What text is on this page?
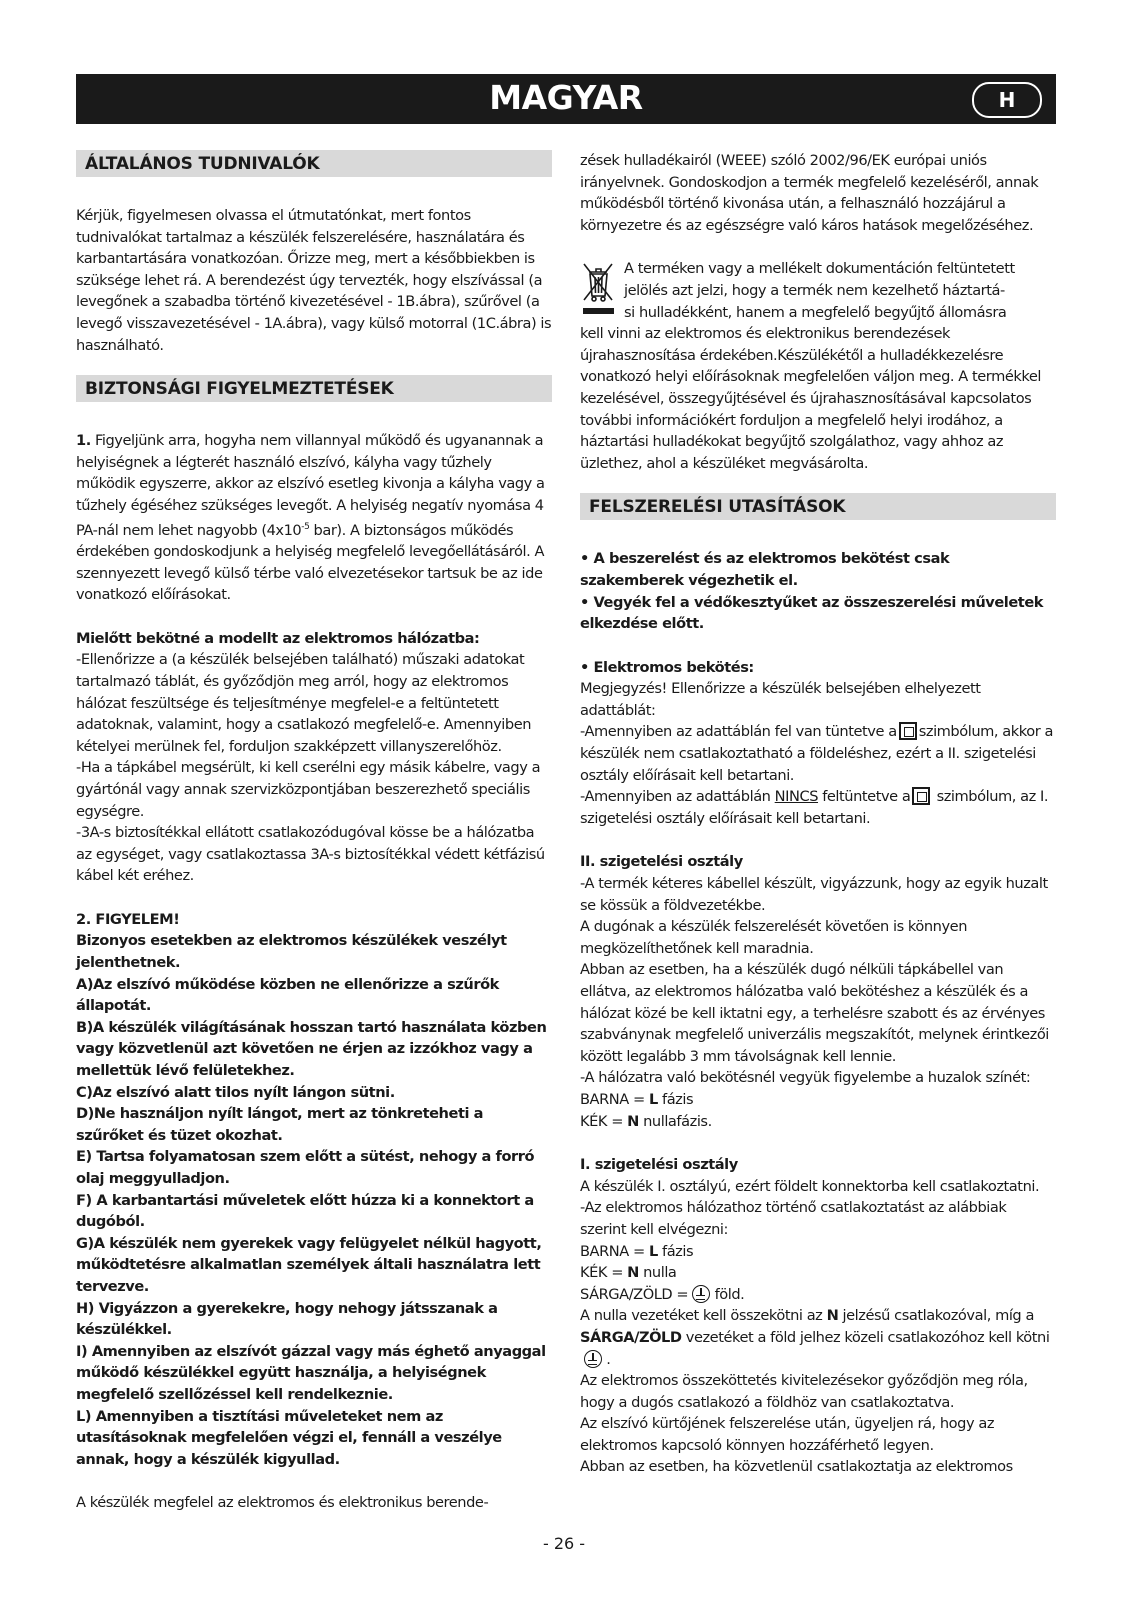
MAGYAR	H
ÁLTALÁNOS TUDNIVALÓK

Kérjük, figyelmesen olvassa el útmutatónkat, mert fontos tudnivalókat tartalmaz a készülék felszerelésére, használatára és karbantartására vonatkozóan. Őrizze meg, mert a későbbiekben is szüksége lehet rá. A berendezést úgy tervezték, hogy elszívással (a levegőnek a szabadba történő kivezetésével - 1B.ábra), szűrővel (a levegő visszavezetésével - 1A.ábra), vagy külső motorral (1C.ábra) is használható.

BIZTONSÁGI FIGYELMEZTETÉSEK

1. Figyeljünk arra, hogyha nem villannyal működő és ugyanannak a helyiségnek a légterét használó elszívó, kályha vagy tűzhely működik egyszerre, akkor az elszívó esetleg kivonja a kályha vagy a tűzhely égéséhez szükséges levegőt. A helyiség negatív nyomása 4 PA-nál nem lehet nagyobb ($4x10^{-5}$ bar). A biztonságos működés érdekében gondoskodjunk a helyiség megfelelő levegőellátásáról. A szennyezett levegő külső térbe való elvezetésekor tartsuk be az ide vonatkozó előírásokat.

Mielőtt bekötné a modellt az elektromos hálózatba:

-Ellenőrizze a (a készülék belsejében található) műszaki adatokat tartalmazó táblát, és győződjön meg arról, hogy az elektromos hálózat feszültsége és teljesítménye megfelel-e a feltüntetett adatoknak, valamint, hogy a csatlakozó megfelelő-e. Amennyiben kételyei merülnek fel, forduljon szakképzett villanyszerelőhöz.

-Ha a tápkábel megsérült, ki kell cserélni egy másik kábelre, vagy a gyártónál vagy annak szervizközpontjában beszerezhető speciális egységre.

-3A-s biztosítékkal ellátott csatlakozódugóval kösse be a hálózatba az egységet, vagy csatlakoztassa 3A-s biztosítékkal védett kétfázisú kábel két eréhez.

2. FIGYELEM!

Bizonyos esetekben az elektromos készülékek veszélyt jelenthetnek.

A)Az elszívó működése közben ne ellenőrizze a szűrők állapotát.

B)A készülék világításának hosszan tartó használata közben vagy közvetlenül azt követően ne érjen az izzókhoz vagy a mellettük lévő felületekhez.

C)Az elszívó alatt tilos nyílt lángon sütni.

D)Ne használjon nyílt lángot, mert az tönkreteheti a szűrőket és tüzet okozhat.

E) Tartsa folyamatosan szem előtt a sütést, nehogy a forró olaj meggyulladjon.

F) A karbantartási műveletek előtt húzza ki a konnektort a dugóból.

G)A készülék nem gyerekek vagy felügyelet nélkül hagyott, működtetésre alkalmatlan személyek általi használatra lett tervezve.

H) Vigyázzon a gyerekekre, hogy nehogy játsszanak a készülékkel.

I) Amennyiben az elszívót gázzal vagy más éghető anyaggal működő készülékkel együtt használja, a helyiségnek megfelelő szellőzéssel kell rendelkeznie.

L) Amennyiben a tisztítási műveleteket nem az utasításoknak megfelelően végzi el, fennáll a veszélye annak, hogy a készülék kigyullad.

A készülék megfelel az elektromos és elektronikus berende-

zések hulladékairól (WEEE) szóló 2002/96/EK európai uniós irányelvnek. Gondoskodjon a termék megfelelő kezeléséről, annak működésből történő kivonása után, a felhasználó hozzájárul a környezetre és az egészségre való káros hatások megelőzéséhez.

A terméken vagy a mellékelt dokumentáción feltüntetett

jelölés azt jelzi, hogy a termék nem kezelhető háztartá-

si hulladékként, hanem a megfelelő begyűjtő állomásra

kell vinni az elektromos és elektronikus berendezések újrahasznosítása érdekében.Készülékétől a hulladékkezelésre vonatkozó helyi előírásoknak megfelelően váljon meg. A termékkel kezelésével, összegyűjtésével és újrahasznosításával kapcsolatos további információkért forduljon a megfelelő helyi irodához, a háztartási hulladékokat begyűjtő szolgálathoz, vagy ahhoz az üzlethez, ahol a készüléket megvásárolta.

FELSZERELÉSI UTASÍTÁSOK

• A beszerelést és az elektromos bekötést csak szakemberek végezhetik el.

• Vegyék fel a védőkesztyűket az összeszerelési műveletek elkezdése előtt.

• Elektromos bekötés:

Megjegyzés! Ellenőrizze a készülék belsejében elhelyezett adattáblát:

-Amennyiben az adattáblán fel van tüntetve a szimbólum, akkor a készülék nem csatlakoztatható a földeléshez, ezért a II. szigetelési osztály előírásait kell betartani.

-Amennyiben az adattáblán NINCS feltüntetve a szimbólum, az I. szigetelési osztály előírásait kell betartani.

II. szigetelési osztály

-A termék kéteres kábellel készült, vigyázzunk, hogy az egyik huzalt se kössük a földvezetékbe.

A dugónak a készülék felszerelését követően is könnyen megközelíthetőnek kell maradnia.

Abban az esetben, ha a készülék dugó nélküli tápkábellel van ellátva, az elektromos hálózatba való bekötéshez a készülék és a hálózat közé be kell iktatni egy, a terhelésre szabott és az érvényes szabványnak megfelelő univerzális megszakítót, melynek érintkezői között legalább 3 mm távolságnak kell lennie.

-A hálózatra való bekötésnél vegyük figyelembe a huzalok színét:

BARNA = L fázis

KÉK = N nullafázis.

I. szigetelési osztály

A készülék I. osztályú, ezért földelt konnektorba kell csatlakoztatni.

-Az elektromos hálózathoz történő csatlakoztatást az alábbiak szerint kell elvégezni:

BARNA = L fázis

KÉK = N nulla

SÁRGA/ZÖLD =  föld.

A nulla vezetéket kell összekötni az N jelzésű csatlakozóval, míg a SÁRGA/ZÖLD vezetéket a föld jelhez közeli csatlakozóhoz kell kötni .

Az elektromos összeköttetés kivitelezésekor győződjön meg róla, hogy a dugós csatlakozó a földhöz van csatlakoztatva.

Az elszívó kürtőjének felszerelése után, ügyeljen rá, hogy az elektromos kapcsoló könnyen hozzáférhető legyen.

Abban az esetben, ha közvetlenül csatlakoztatja az elektromos

- 26 -
